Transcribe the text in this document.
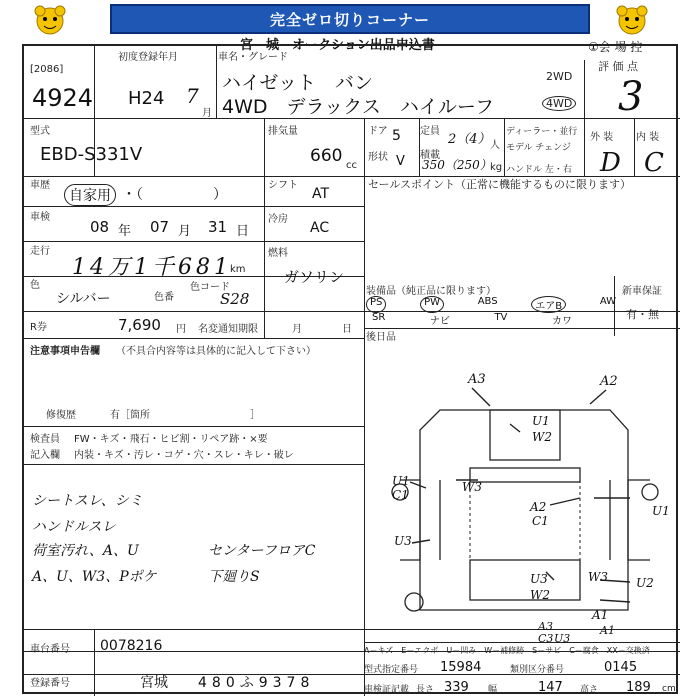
完全ゼロ切りコーナー
宮　城　オークション出品申込書	①会 場 控
[2086]
4924
初度登録年月
H24 7
月
車名・グレード
ハイゼット　バン
4WD　デラックス　ハイルーフ
2WD
4WD
評 価 点
3
型式
EBD-S331V
排気量
660 cc
ドア 5 定員
2（4） 人
ディーラー・並行
形状 V 積載
350（250）
kg
モデル チェンジ
ハンドル 左・右
外 装 内 装
D C
車歴
自家用 ・（　　　　　）
シフト
AT
車検
08 年 07 月 31 日
冷房
AC
走行
14万1千681
km
燃料
ガソリン
色
シルバー	色番
色コード
S28
R券	7,690 円 名変通知期限	月	日
セールスポイント（正常に機能するものに限ります）
装備品（純正品に限ります）	新車保証
PS	PW	ABS	エアB	AW
SR	ナビ	TV	カワ
有・無
後日品
注意事項申告欄 （不具合内容等は具体的に記入して下さい）
修復歴	有［箇所　　　　　　　　　　］
検査員
記入欄
FW・キズ・飛石・ヒビ割・リペア跡・×要
内装・キズ・汚レ・コゲ・穴・スレ・キレ・破レ
シートスレ、シミ
ハンドルスレ
荷室汚れ、A、U	センターフロアC
A、U、W3、Pポケ	下廻りS
A3	A2
U1
W2
U1
C1
W3
A2
C1
U1
U3
U3
W2
W3 U2
A1
A3
C3 U3
A1
A－キズ　E－エクボ　U－凹み　W－補修跡　S－サビ　C－腐食　XX－交換済
車台番号 0078216
登録番号	宮城 480ふ9378
型式指定番号 15984	類別区分番号	0145
車検証記載 長さ 339 幅	147 高さ 189 cm
